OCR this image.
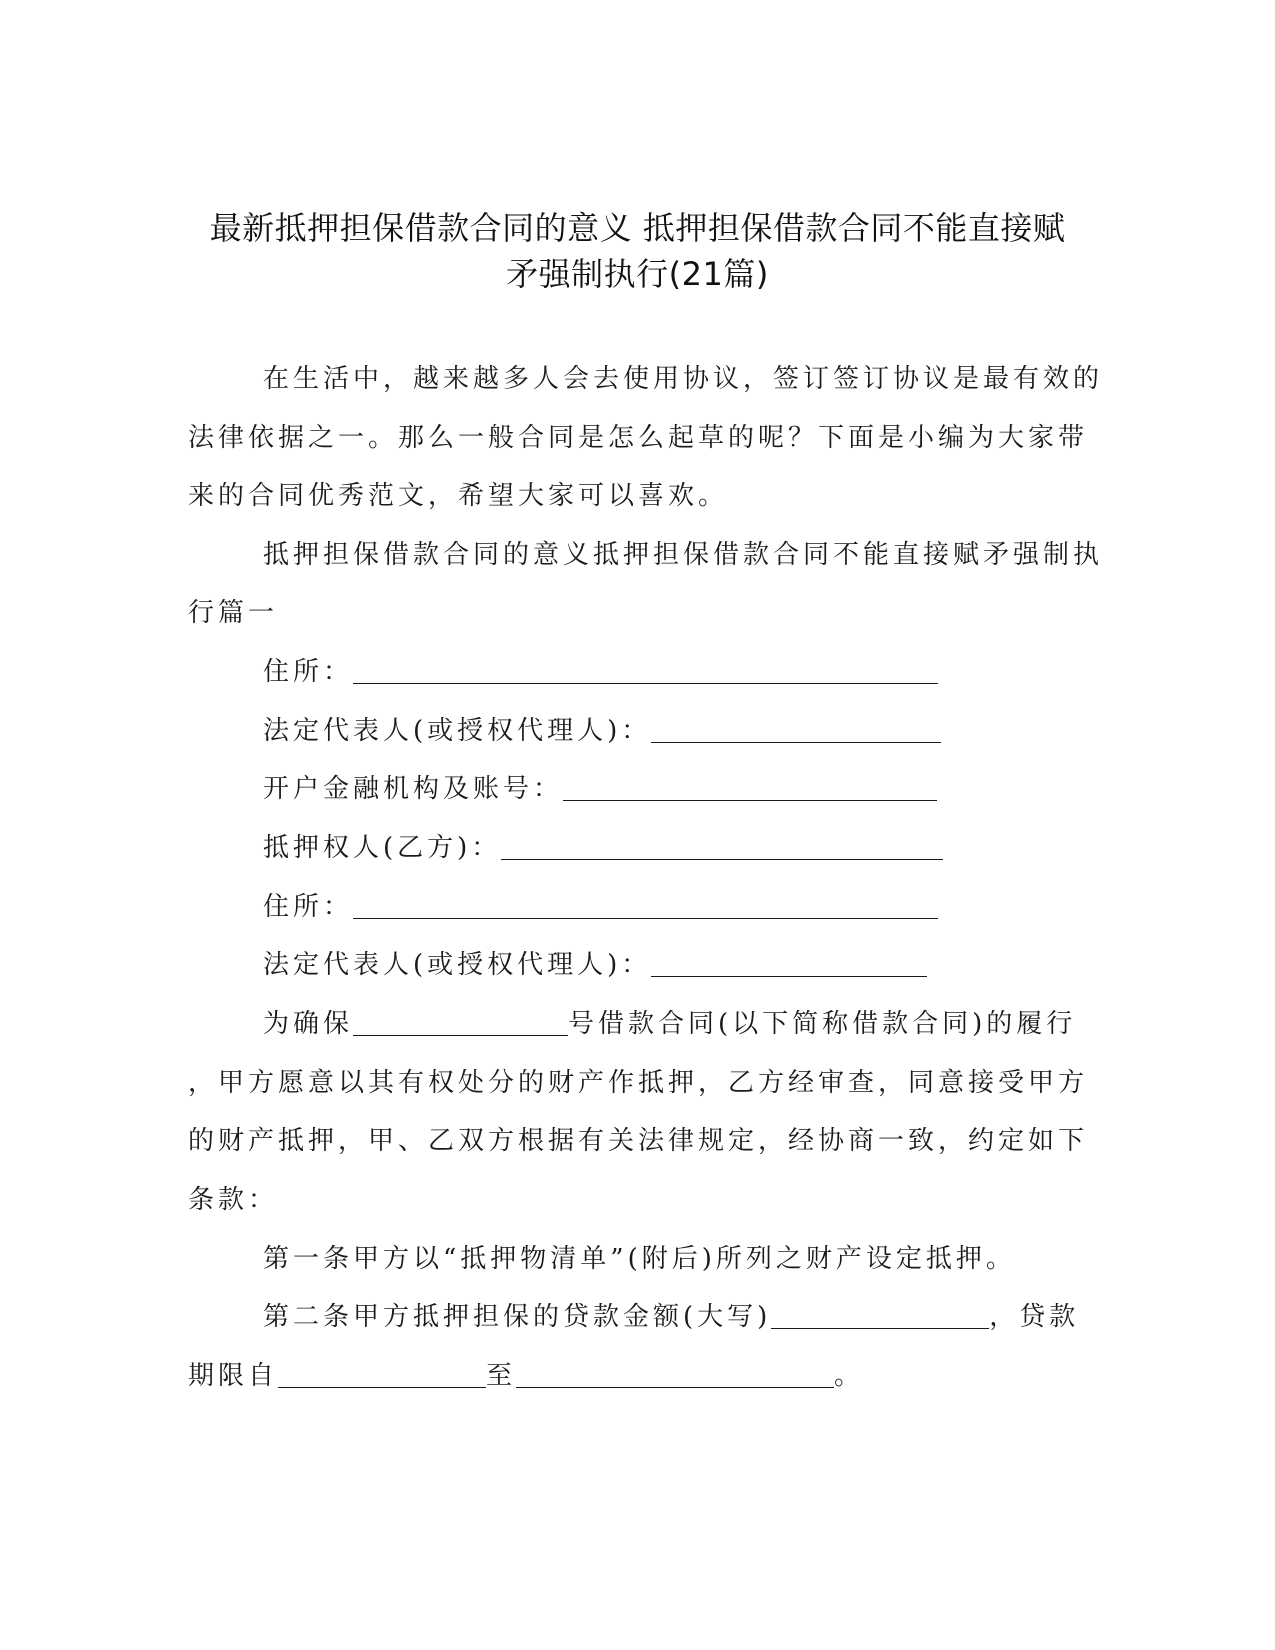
最新抵押担保借款合同的意义 抵押担保借款合同不能直接赋
矛强制执行(21篇)
在生活中，越来越多人会去使用协议，签订签订协议是最有效的
法律依据之一。那么一般合同是怎么起草的呢？下面是小编为大家带
来的合同优秀范文，希望大家可以喜欢。
抵押担保借款合同的意义抵押担保借款合同不能直接赋矛强制执
行篇一
住所：
法定代表人(或授权代理人)：
开户金融机构及账号：
抵押权人(乙方)：
住所：
法定代表人(或授权代理人)：
为确保	号借款合同(以下简称借款合同)的履行
，甲方愿意以其有权处分的财产作抵押，乙方经审查，同意接受甲方
的财产抵押，甲、乙双方根据有关法律规定，经协商一致，约定如下
条款：
第一条甲方以“抵押物清单”(附后)所列之财产设定抵押。
第二条甲方抵押担保的贷款金额(大写)	，贷款
期限自	至	。
